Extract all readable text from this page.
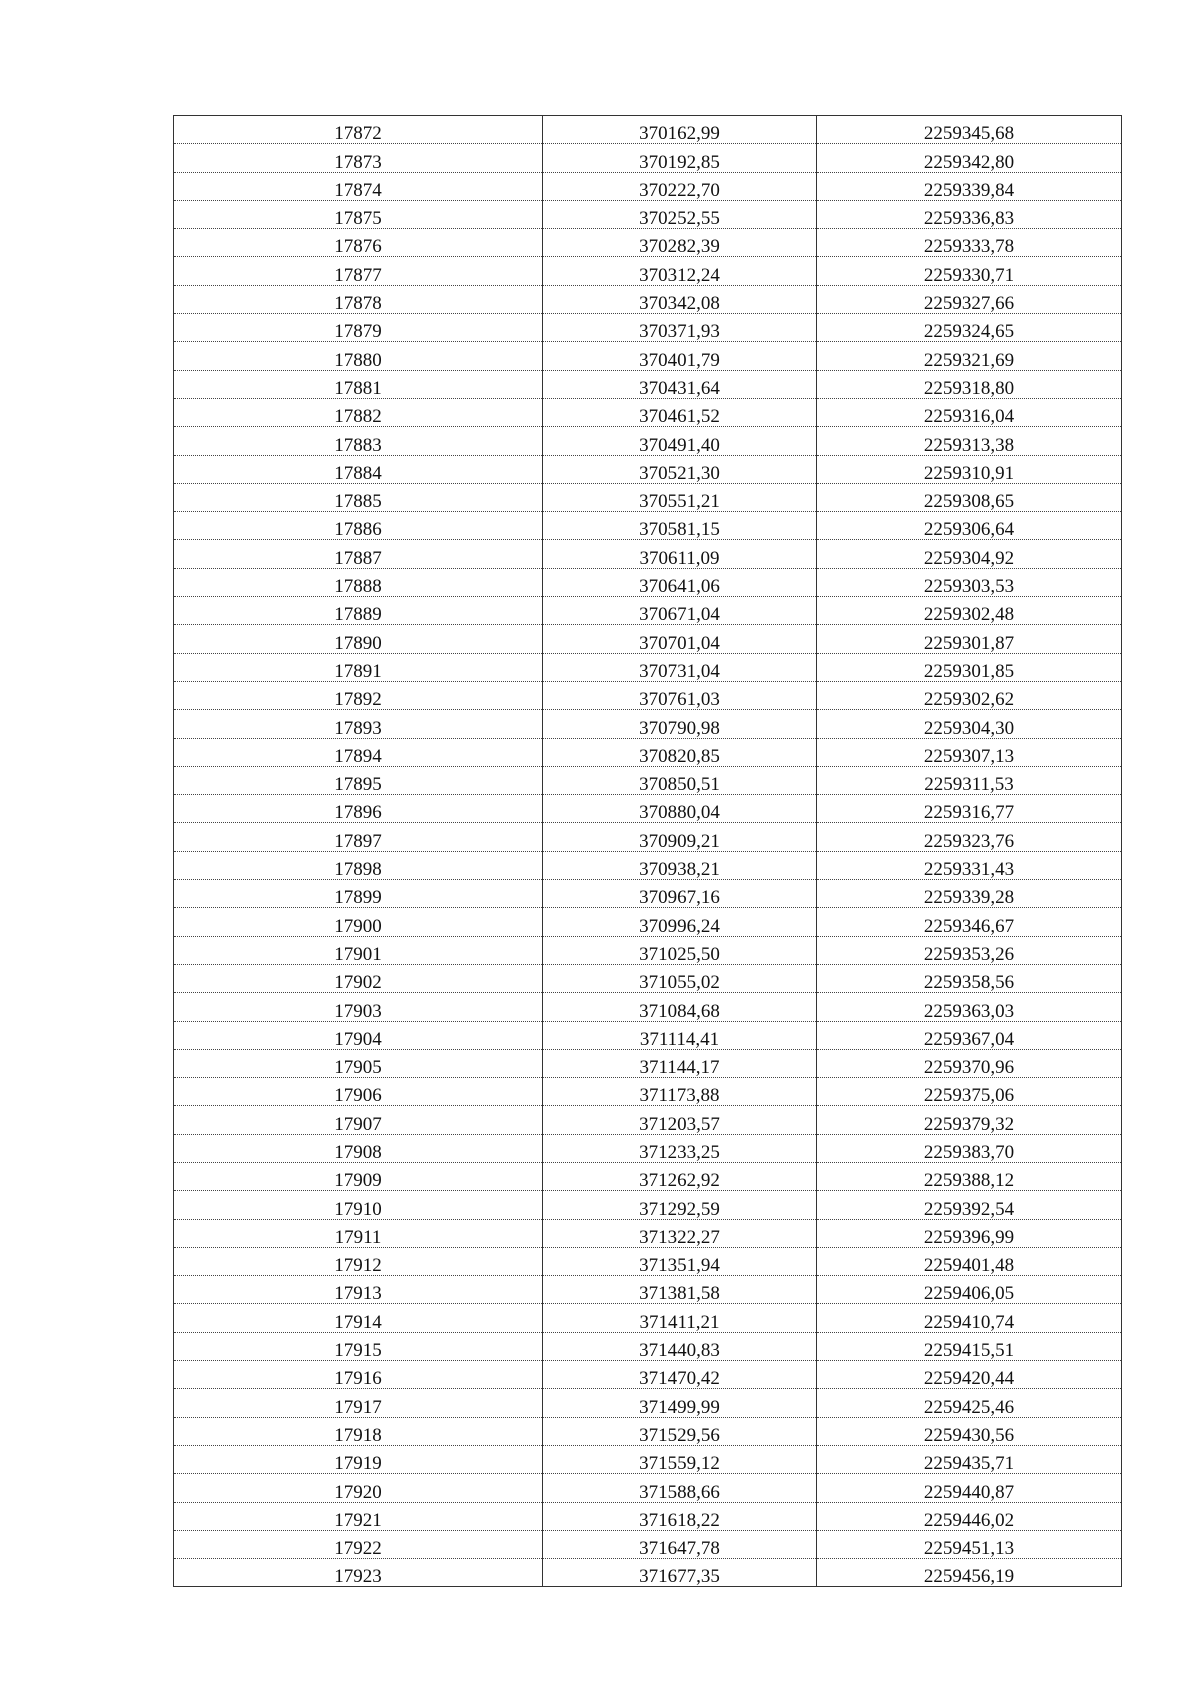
17872	370162,99	2259345,68
17873	370192,85	2259342,80
17874	370222,70	2259339,84
17875	370252,55	2259336,83
17876	370282,39	2259333,78
17877	370312,24	2259330,71
17878	370342,08	2259327,66
17879	370371,93	2259324,65
17880	370401,79	2259321,69
17881	370431,64	2259318,80
17882	370461,52	2259316,04
17883	370491,40	2259313,38
17884	370521,30	2259310,91
17885	370551,21	2259308,65
17886	370581,15	2259306,64
17887	370611,09	2259304,92
17888	370641,06	2259303,53
17889	370671,04	2259302,48
17890	370701,04	2259301,87
17891	370731,04	2259301,85
17892	370761,03	2259302,62
17893	370790,98	2259304,30
17894	370820,85	2259307,13
17895	370850,51	2259311,53
17896	370880,04	2259316,77
17897	370909,21	2259323,76
17898	370938,21	2259331,43
17899	370967,16	2259339,28
17900	370996,24	2259346,67
17901	371025,50	2259353,26
17902	371055,02	2259358,56
17903	371084,68	2259363,03
17904	371114,41	2259367,04
17905	371144,17	2259370,96
17906	371173,88	2259375,06
17907	371203,57	2259379,32
17908	371233,25	2259383,70
17909	371262,92	2259388,12
17910	371292,59	2259392,54
17911	371322,27	2259396,99
17912	371351,94	2259401,48
17913	371381,58	2259406,05
17914	371411,21	2259410,74
17915	371440,83	2259415,51
17916	371470,42	2259420,44
17917	371499,99	2259425,46
17918	371529,56	2259430,56
17919	371559,12	2259435,71
17920	371588,66	2259440,87
17921	371618,22	2259446,02
17922	371647,78	2259451,13
17923	371677,35	2259456,19
